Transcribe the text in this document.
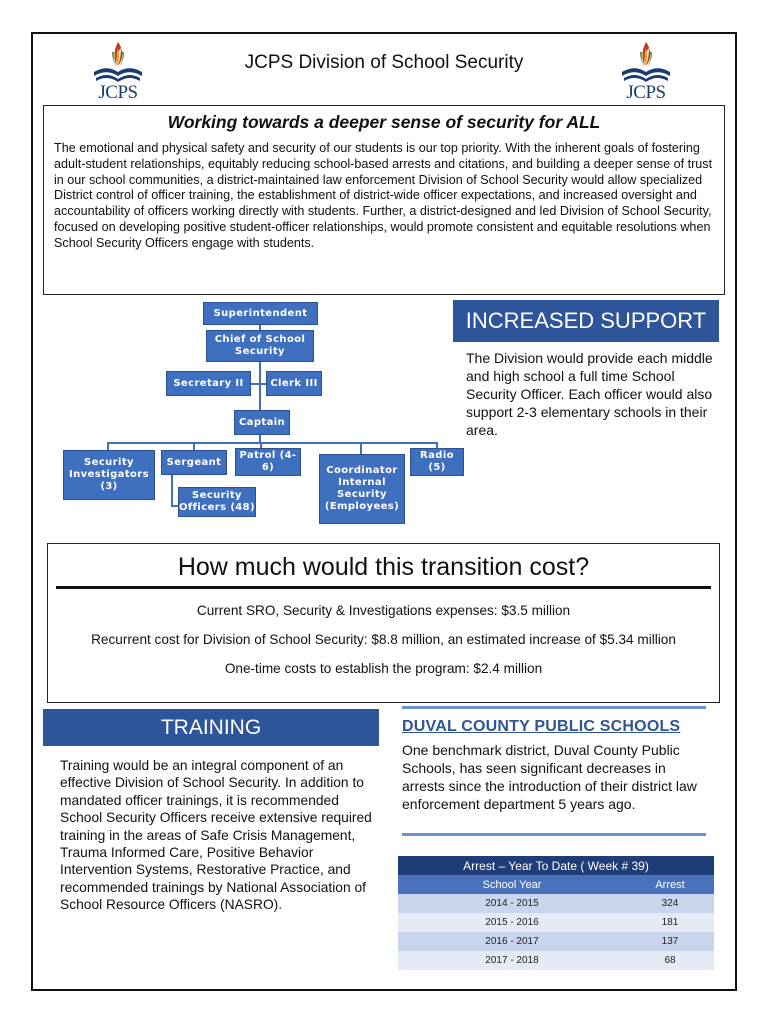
JCPS
JCPS Division of School Security
JCPS
Working towards a deeper sense of security for ALL
The emotional and physical safety and security of our students is our top priority. With the inherent goals of fostering adult-student relationships, equitably reducing school-based arrests and citations, and building a deeper sense of trust in our school communities, a district-maintained law enforcement Division of School Security would allow specialized District control of officer training, the establishment of district-wide officer expectations, and increased oversight and accountability of officers working directly with students. Further, a district-designed and led Division of School Security, focused on developing positive student-officer relationships, would promote consistent and equitable resolutions when School Security Officers engage with students.
Superintendent
Chief of School Security
Secretary II	Clerk III
Captain
Security Investigators (3)
Sergeant
Patrol (4-6)	Coordinator Internal Security (Employees)
Radio (5)
Security Officers (48)
INCREASED SUPPORT
The Division would provide each middle and high school a full time School Security Officer. Each officer would also support 2-3 elementary schools in their area.
How much would this transition cost?
Current SRO, Security & Investigations expenses: $3.5 million
Recurrent cost for Division of School Security: $8.8 million, an estimated increase of $5.34 million
One-time costs to establish the program: $2.4 million
TRAINING
Training would be an integral component of an effective Division of School Security. In addition to mandated officer trainings, it is recommended School Security Officers receive extensive required training in the areas of Safe Crisis Management, Trauma Informed Care, Positive Behavior Intervention Systems, Restorative Practice, and recommended trainings by National Association of School Resource Officers (NASRO).
DUVAL COUNTY PUBLIC SCHOOLS
One benchmark district, Duval County Public Schools, has seen significant decreases in arrests since the introduction of their district law enforcement department 5 years ago.
Arrest – Year To Date ( Week # 39)	
School Year	Arrest
2014 - 2015	324
2015 - 2016	181
2016 - 2017	137
2017 - 2018	68
